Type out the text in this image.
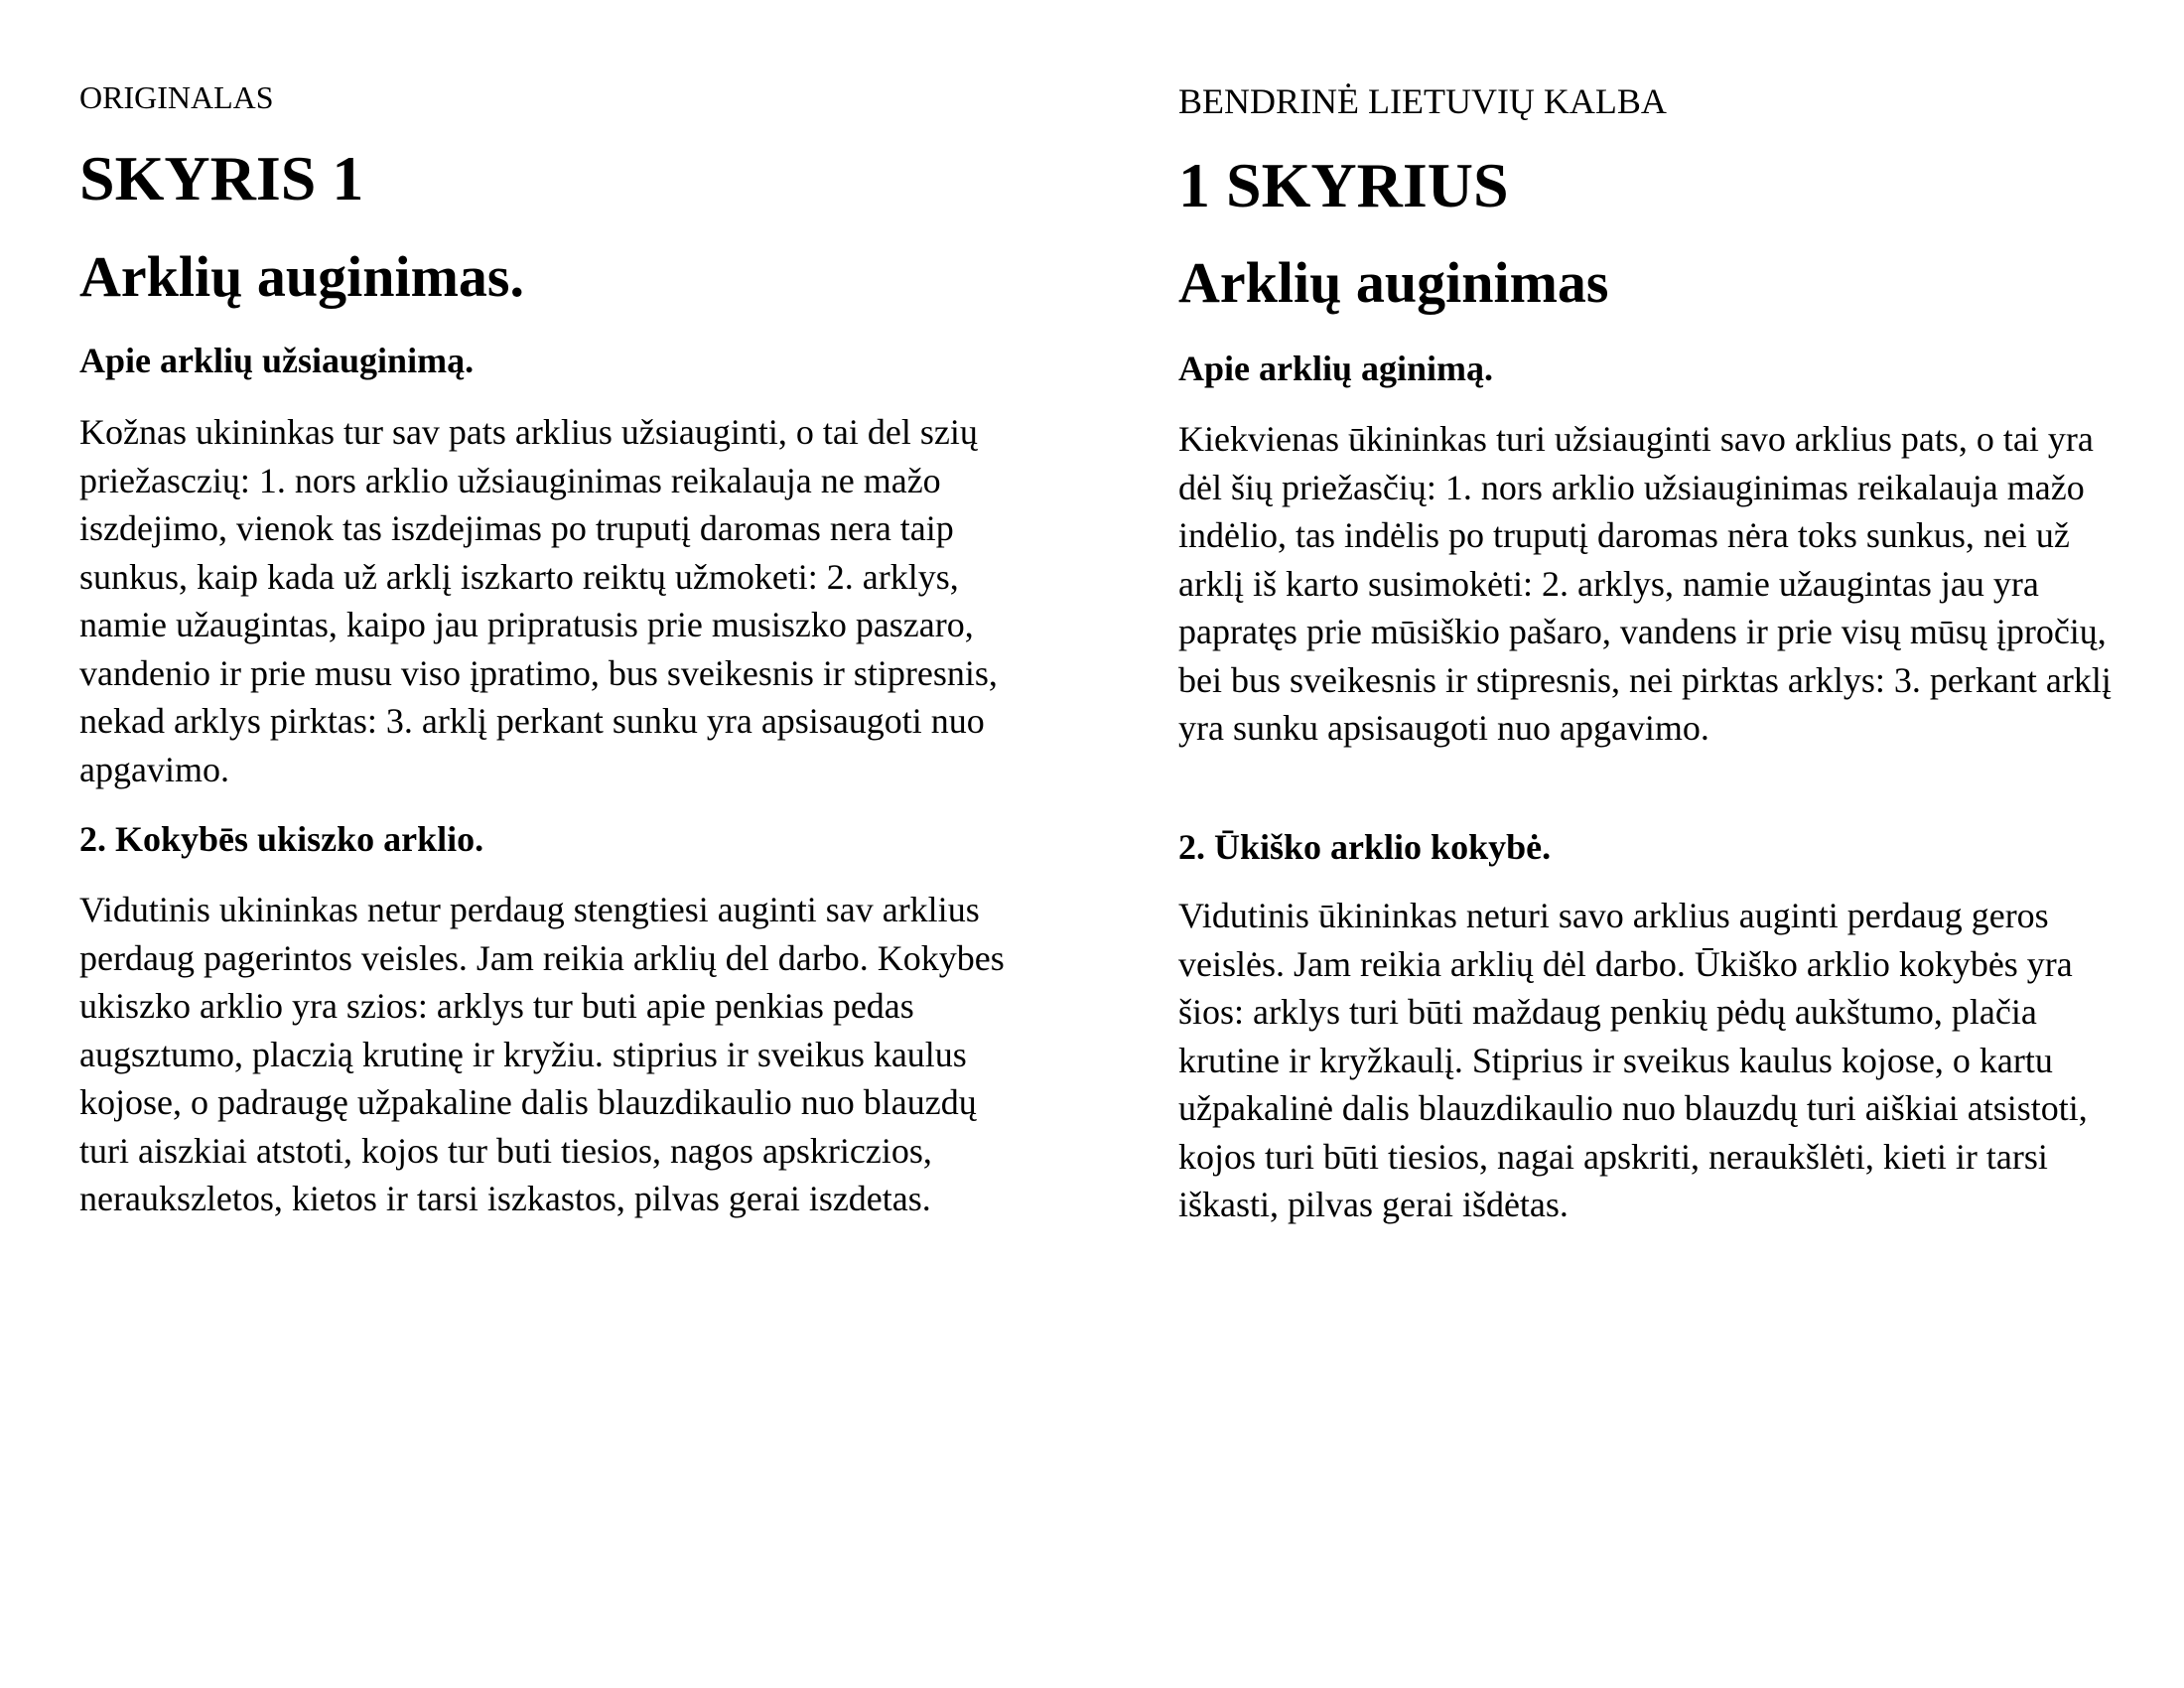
ORIGINALAS
SKYRIS 1
Arklių auginimas.
Apie arklių užsiauginimą.

Kožnas ukininkas tur sav pats arklius užsiauginti, o tai del szių priežasczių: 1. nors arklio užsiauginimas reikalauja ne mažo iszdejimo, vienok tas iszdejimas po truputį daromas nera taip sunkus, kaip kada už arklį iszkarto reiktų užmoketi: 2. arklys, namie užaugintas, kaipo jau pripratusis prie musiszko paszaro, vandenio ir prie musu viso įpratimo, bus sveikesnis ir stipresnis, nekad arklys pirktas: 3. arklį perkant sunku yra apsisaugoti nuo apgavimo.

2. Kokybēs ukiszko arklio.

Vidutinis ukininkas netur perdaug stengtiesi auginti sav arklius perdaug pagerintos veisles. Jam reikia arklių del darbo. Kokybes ukiszko arklio yra szios: arklys tur buti apie penkias pedas augsztumo, placzią krutinę ir kryžiu. stiprius ir sveikus kaulus kojose, o padraugę užpakaline dalis blauzdikaulio nuo blauzdų turi aiszkiai atstoti, kojos tur buti tiesios, nagos apskriczios, neraukszletos, kietos ir tarsi iszkastos, pilvas gerai iszdetas.

BENDRINĖ LIETUVIŲ KALBA
1 SKYRIUS
Arklių auginimas
Apie arklių aginimą.

Kiekvienas ūkininkas turi užsiauginti savo arklius pats, o tai yra dėl šių priežasčių: 1. nors arklio užsiauginimas reikalauja mažo indėlio, tas indėlis po truputį daromas nėra toks sunkus, nei už arklį iš karto susimokėti: 2. arklys, namie užaugintas jau yra papratęs prie mūsiškio pašaro, vandens ir prie visų mūsų įpročių, bei bus sveikesnis ir stipresnis, nei pirktas arklys: 3. perkant arklį yra sunku apsisaugoti nuo apgavimo.

2. Ūkiško arklio kokybė.

Vidutinis ūkininkas neturi savo arklius auginti perdaug geros veislės. Jam reikia arklių dėl darbo. Ūkiško arklio kokybės yra šios: arklys turi būti maždaug penkių pėdų aukštumo, plačia krutine ir kryžkaulį. Stiprius ir sveikus kaulus kojose, o kartu užpakalinė dalis blauzdikaulio nuo blauzdų turi aiškiai atsistoti, kojos turi būti tiesios, nagai apskriti, neraukšlėti, kieti ir tarsi iškasti, pilvas gerai išdėtas.
